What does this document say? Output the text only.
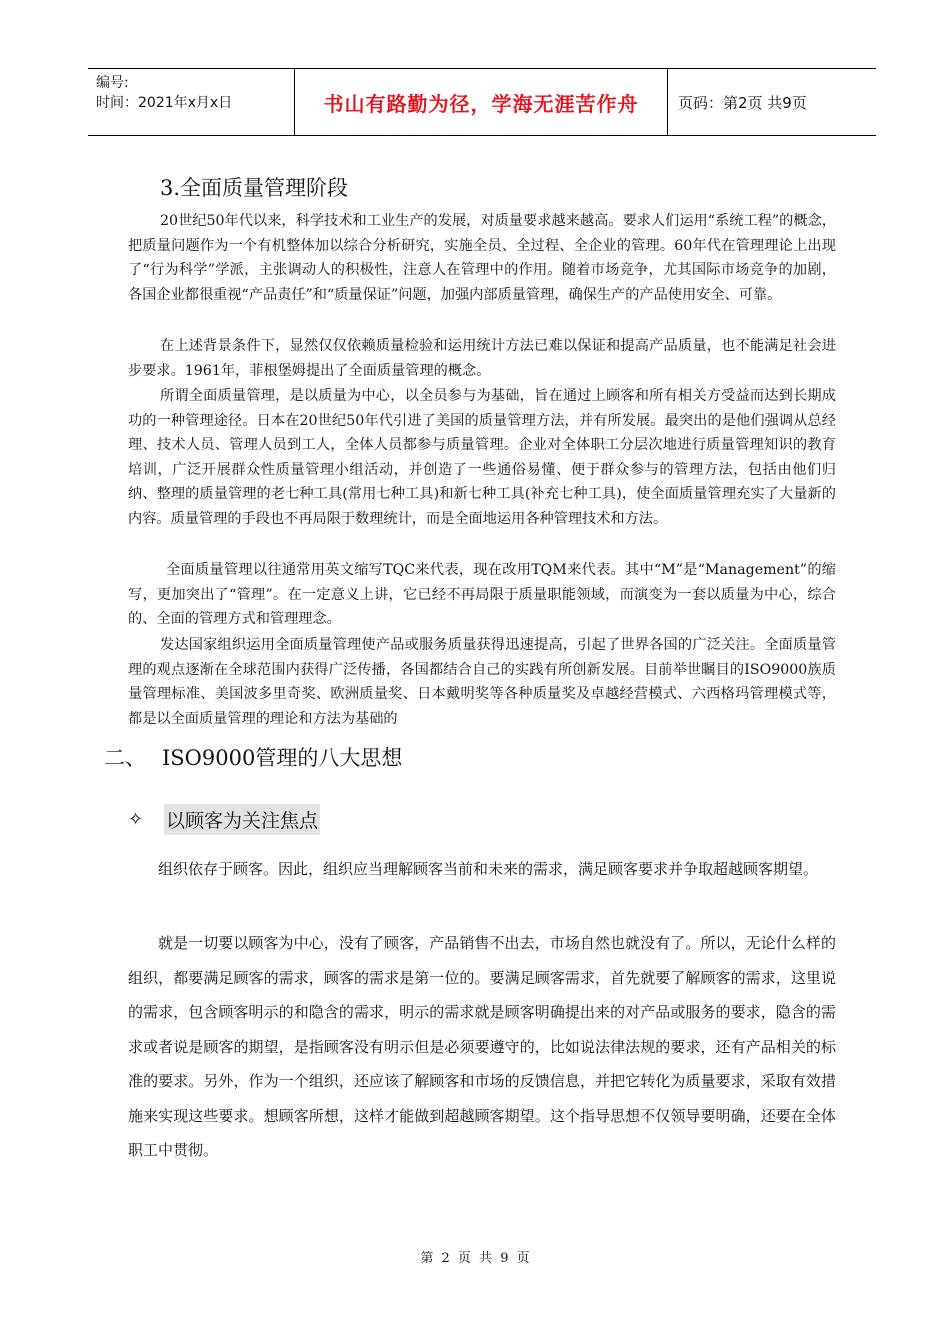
编号:
时间：2021年x月x日	书山有路勤为径，学海无涯苦作舟	页码：第2页 共9页
3.全面质量管理阶段

20世纪50年代以来，科学技术和工业生产的发展，对质量要求越来越高。要求人们运用“系统工程”的概念，把质量问题作为一个有机整体加以综合分析研究，实施全员、全过程、全企业的管理。60年代在管理理论上出现了“行为科学”学派，主张调动人的积极性，注意人在管理中的作用。随着市场竞争，尤其国际市场竞争的加剧，各国企业都很重视“产品责任”和“质量保证”问题，加强内部质量管理，确保生产的产品使用安全、可靠。

在上述背景条件下，显然仅仅依赖质量检验和运用统计方法已难以保证和提高产品质量，也不能满足社会进步要求。1961年，菲根堡姆提出了全面质量管理的概念。

所谓全面质量管理，是以质量为中心，以全员参与为基础，旨在通过上顾客和所有相关方受益而达到长期成功的一种管理途径。日本在20世纪50年代引进了美国的质量管理方法，并有所发展。最突出的是他们强调从总经理、技术人员、管理人员到工人，全体人员都参与质量管理。企业对全体职工分层次地进行质量管理知识的教育培训，广泛开展群众性质量管理小组活动，并创造了一些通俗易懂、便于群众参与的管理方法，包括由他们归纳、整理的质量管理的老七种工具(常用七种工具)和新七种工具(补充七种工具)，使全面质量管理充实了大量新的内容。质量管理的手段也不再局限于数理统计，而是全面地运用各种管理技术和方法。

全面质量管理以往通常用英文缩写TQC来代表，现在改用TQM来代表。其中“M”是“Management”的缩写，更加突出了“管理”。在一定意义上讲，它已经不再局限于质量职能领域，而演变为一套以质量为中心，综合的、全面的管理方式和管理理念。

发达国家组织运用全面质量管理使产品或服务质量获得迅速提高，引起了世界各国的广泛关注。全面质量管理的观点逐渐在全球范围内获得广泛传播，各国都结合自己的实践有所创新发展。目前举世瞩目的ISO9000族质量管理标准、美国波多里奇奖、欧洲质量奖、日本戴明奖等各种质量奖及卓越经营模式、六西格玛管理模式等，都是以全面质量管理的理论和方法为基础的

二、 ISO9000管理的八大思想
✧	以顾客为关注焦点

组织依存于顾客。因此，组织应当理解顾客当前和未来的需求，满足顾客要求并争取超越顾客期望。

就是一切要以顾客为中心，没有了顾客，产品销售不出去，市场自然也就没有了。所以，无论什么样的组织，都要满足顾客的需求，顾客的需求是第一位的。要满足顾客需求，首先就要了解顾客的需求，这里说的需求，包含顾客明示的和隐含的需求，明示的需求就是顾客明确提出来的对产品或服务的要求，隐含的需求或者说是顾客的期望，是指顾客没有明示但是必须要遵守的，比如说法律法规的要求，还有产品相关的标准的要求。另外，作为一个组织，还应该了解顾客和市场的反馈信息，并把它转化为质量要求，采取有效措施来实现这些要求。想顾客所想，这样才能做到超越顾客期望。这个指导思想不仅领导要明确，还要在全体职工中贯彻。

第 2 页 共 9 页
